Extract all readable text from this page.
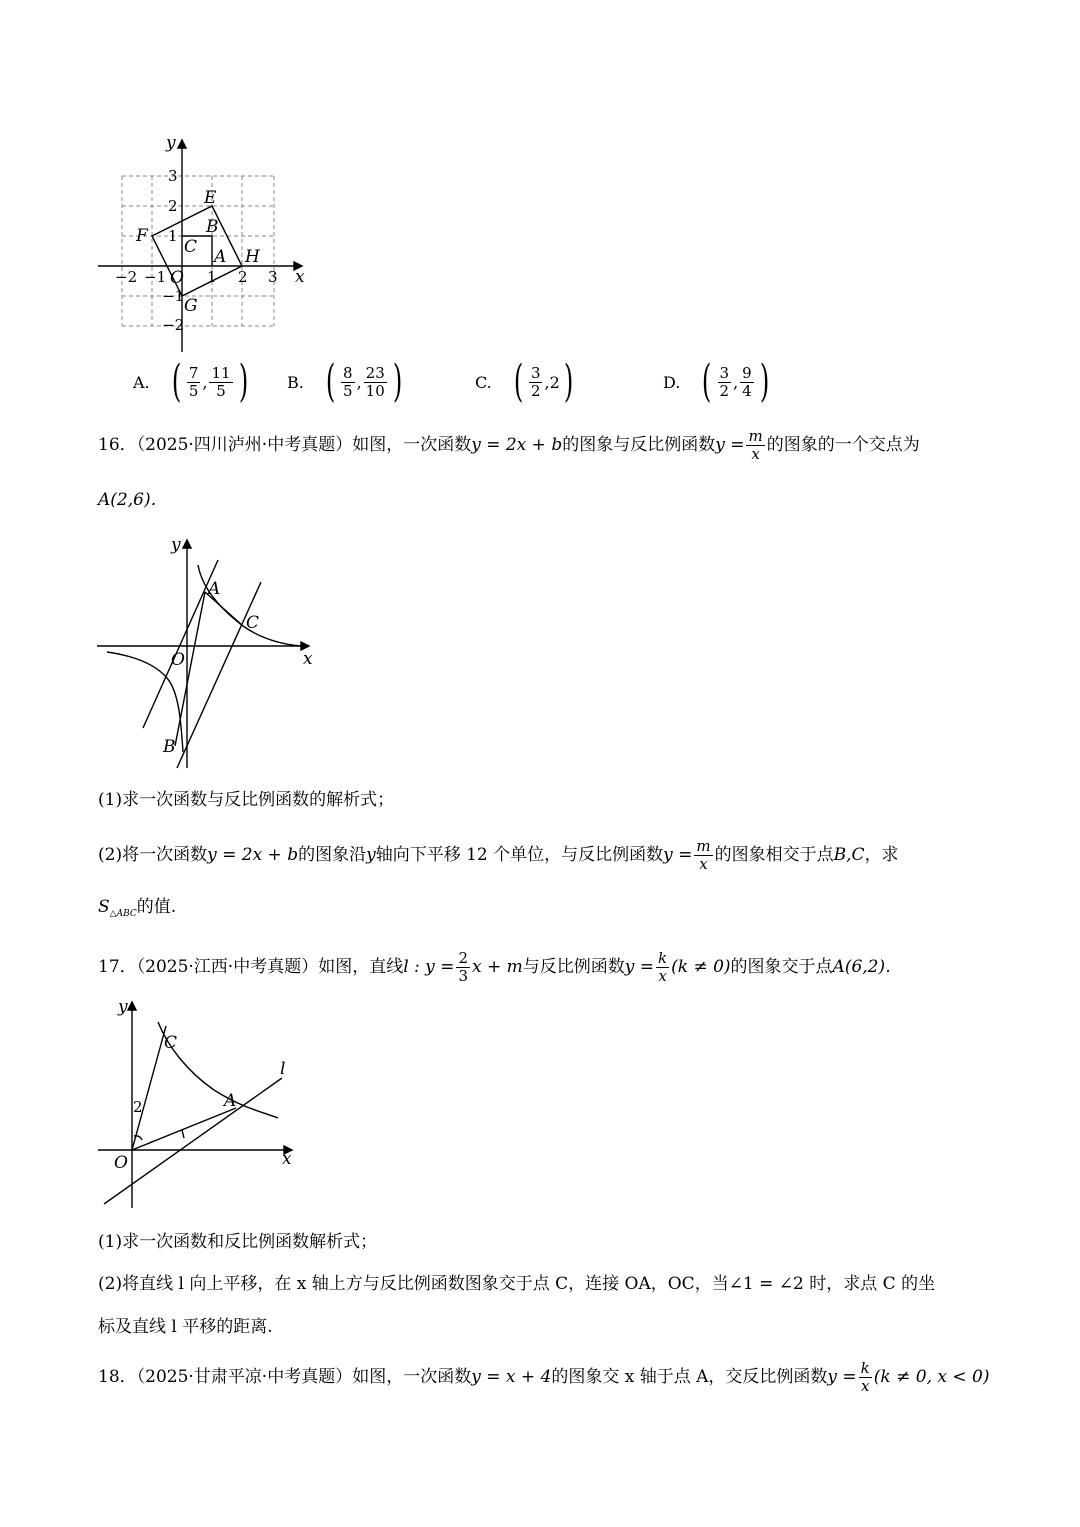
x
y
−2 −1	1 2 3
3
2
1
−1
−2
O
E
F	B
C A H
G
A. ( $\frac{7}{5}$ , $\frac{11}{5}$ ) B. ( $\frac{8}{5}$ , $\frac{23}{10}$ )	C. ( $\frac{3}{2}$ , 2 )	D. ( $\frac{3}{2}$ , $\frac{9}{4}$ )
16．（2025·四川泸州·中考真题）如图，一次函数y = 2x + b的图象与反比例函数$y = \frac{m}{x}$ 的图象的一个交点为
A(2,6)．
x
y
O
A
C
B
(1)求一次函数与反比例函数的解析式；
(2)将一次函数y = 2x + b的图象沿y轴向下平移 12 个单位，与反比例函数$y = \frac{m}{x}$ 的图象相交于点B,C，求
$S_{\triangle ABC}$的值.
17．（2025·江西·中考真题）如图，直线l : $y = \frac{2}{3}$ x + m与反比例函数$y = \frac{k}{x} (k \ne 0)$的图象交于点A(6,2)．
x
y
O
C
A
l
2
(1)求一次函数和反比例函数解析式；
(2)将直线 l 向上平移，在 x 轴上方与反比例函数图象交于点 C，连接 OA，OC，当∠1 = ∠2 时，求点 C 的坐
标及直线 l 平移的距离.
18．（2025·甘肃平凉·中考真题）如图，一次函数y = x + 4的图象交 x 轴于点 A，交反比例函数$y = \frac{k}{x} (k \ne 0$, x < 0)
